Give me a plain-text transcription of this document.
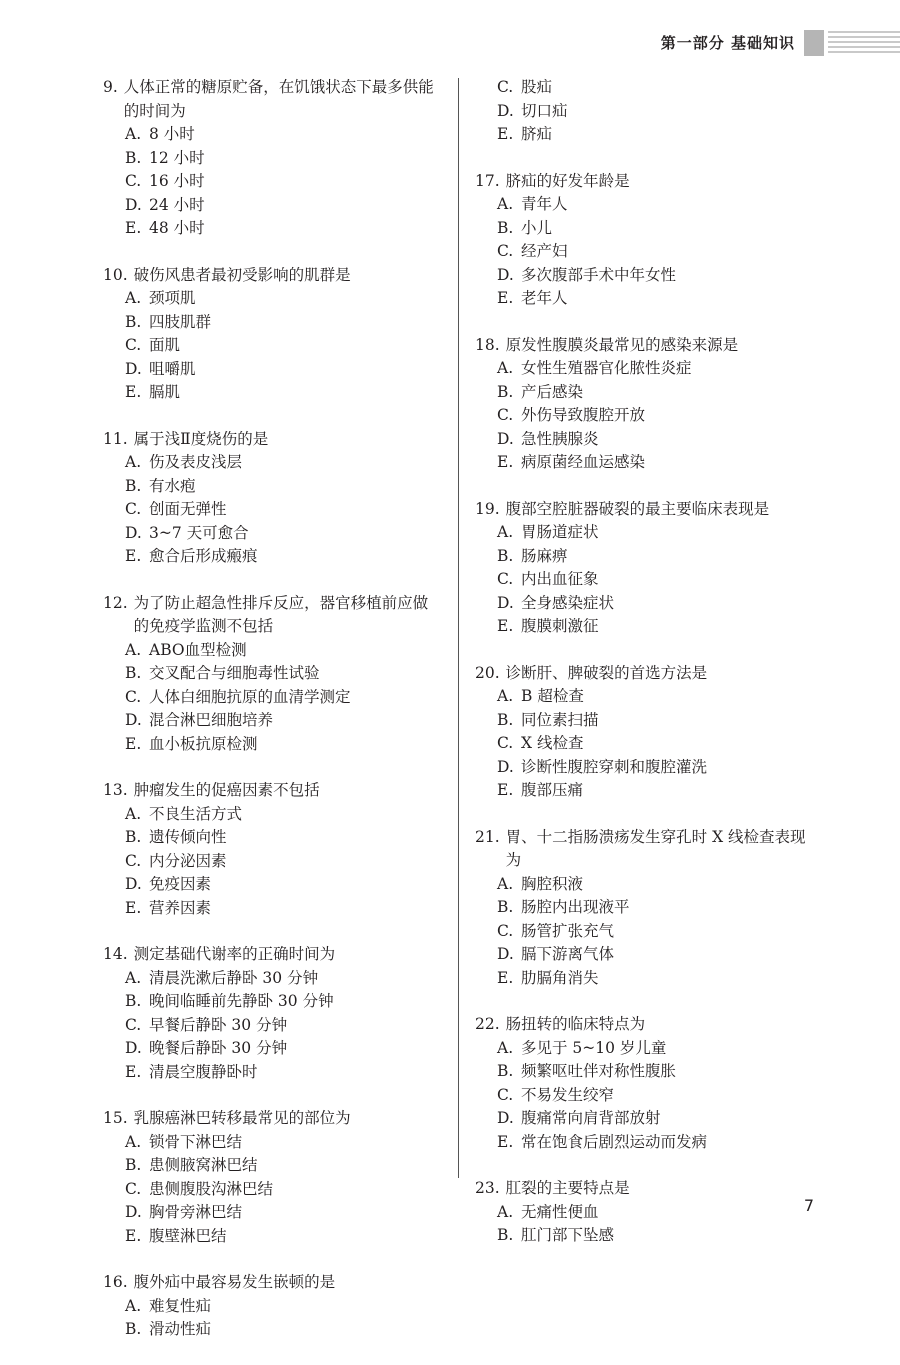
第一部分 基础知识
9. 人体正常的糖原贮备，在饥饿状态下最多供能的时间为
A. 8 小时
B. 12 小时
C. 16 小时
D. 24 小时
E. 48 小时
10. 破伤风患者最初受影响的肌群是
A. 颈项肌
B. 四肢肌群
C. 面肌
D. 咀嚼肌
E. 膈肌
11. 属于浅Ⅱ度烧伤的是
A. 伤及表皮浅层
B. 有水疱
C. 创面无弹性
D. 3~7 天可愈合
E. 愈合后形成瘢痕
12. 为了防止超急性排斥反应，器官移植前应做的免疫学监测不包括
A. ABO血型检测
B. 交叉配合与细胞毒性试验
C. 人体白细胞抗原的血清学测定
D. 混合淋巴细胞培养
E. 血小板抗原检测
13. 肿瘤发生的促癌因素不包括
A. 不良生活方式
B. 遗传倾向性
C. 内分泌因素
D. 免疫因素
E. 营养因素
14. 测定基础代谢率的正确时间为
A. 清晨洗漱后静卧 30 分钟
B. 晚间临睡前先静卧 30 分钟
C. 早餐后静卧 30 分钟
D. 晚餐后静卧 30 分钟
E. 清晨空腹静卧时
15. 乳腺癌淋巴转移最常见的部位为
A. 锁骨下淋巴结
B. 患侧腋窝淋巴结
C. 患侧腹股沟淋巴结
D. 胸骨旁淋巴结
E. 腹壁淋巴结
16. 腹外疝中最容易发生嵌顿的是
A. 难复性疝
B. 滑动性疝
C. 股疝
D. 切口疝
E. 脐疝
17. 脐疝的好发年龄是
A. 青年人
B. 小儿
C. 经产妇
D. 多次腹部手术中年女性
E. 老年人
18. 原发性腹膜炎最常见的感染来源是
A. 女性生殖器官化脓性炎症
B. 产后感染
C. 外伤导致腹腔开放
D. 急性胰腺炎
E. 病原菌经血运感染
19. 腹部空腔脏器破裂的最主要临床表现是
A. 胃肠道症状
B. 肠麻痹
C. 内出血征象
D. 全身感染症状
E. 腹膜刺激征
20. 诊断肝、脾破裂的首选方法是
A. B 超检查
B. 同位素扫描
C. X 线检查
D. 诊断性腹腔穿刺和腹腔灌洗
E. 腹部压痛
21. 胃、十二指肠溃疡发生穿孔时 X 线检查表现为
A. 胸腔积液
B. 肠腔内出现液平
C. 肠管扩张充气
D. 膈下游离气体
E. 肋膈角消失
22. 肠扭转的临床特点为
A. 多见于 5~10 岁儿童
B. 频繁呕吐伴对称性腹胀
C. 不易发生绞窄
D. 腹痛常向肩背部放射
E. 常在饱食后剧烈运动而发病
23. 肛裂的主要特点是
A. 无痛性便血
B. 肛门部下坠感
7
